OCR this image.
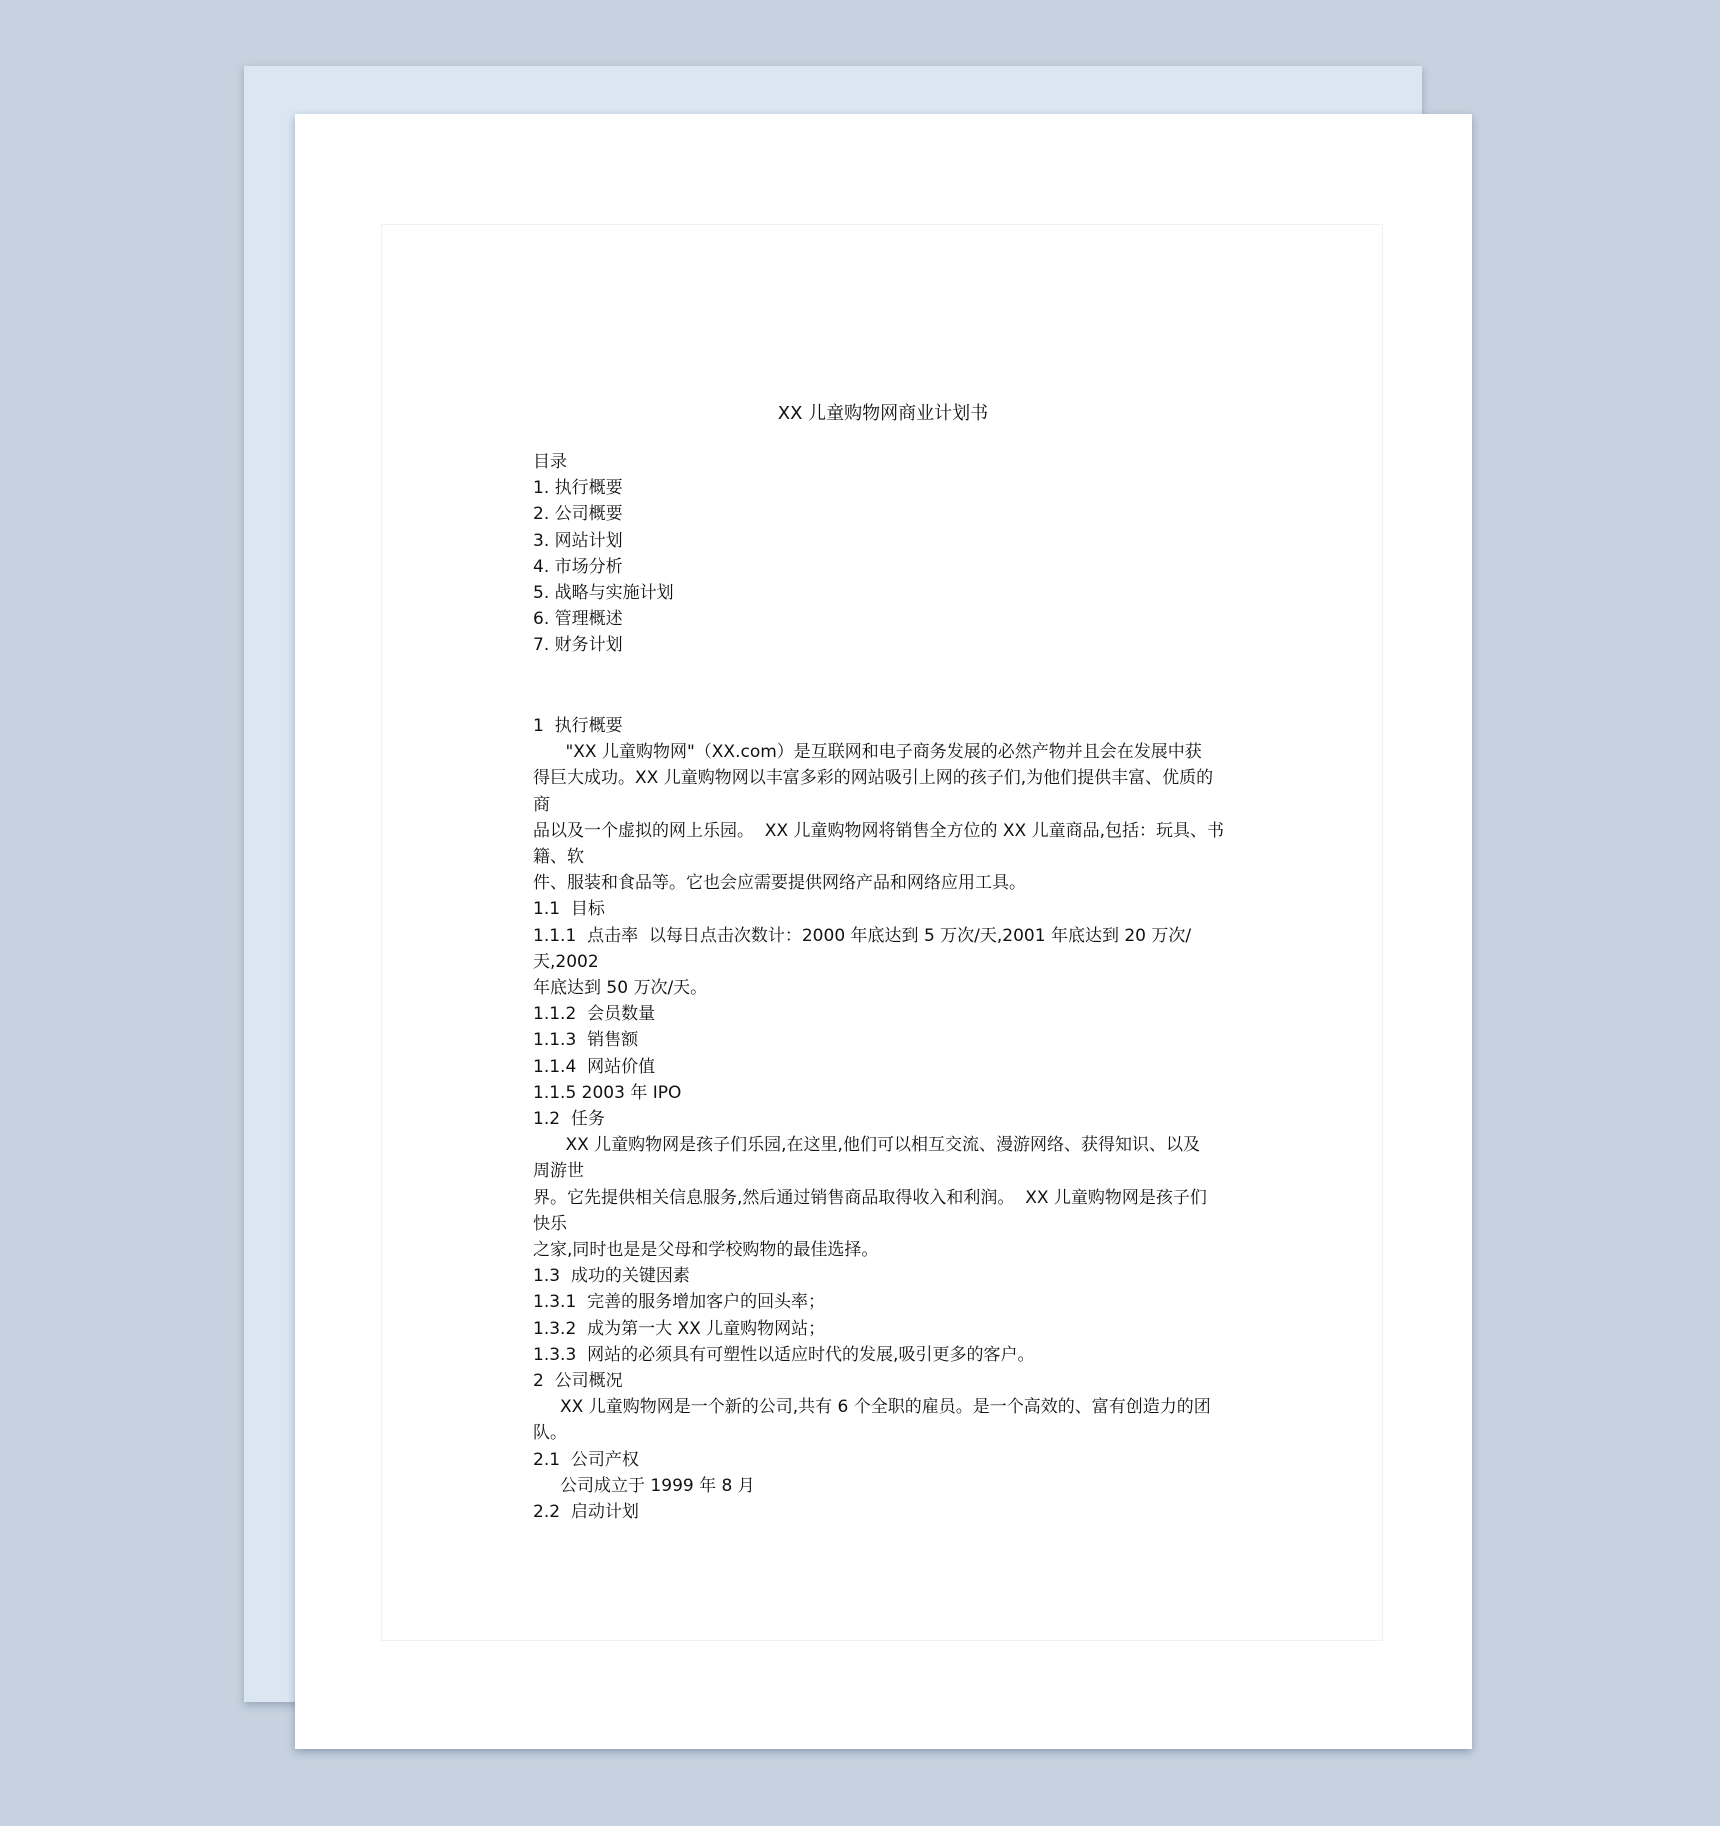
XX 儿童购物网商业计划书
目录
1. 执行概要
2. 公司概要
3. 网站计划
4. 市场分析
5. 战略与实施计划
6. 管理概述
7. 财务计划
1  执行概要
"XX 儿童购物网"（XX.com）是互联网和电子商务发展的必然产物并且会在发展中获
得巨大成功。XX 儿童购物网以丰富多彩的网站吸引上网的孩子们,为他们提供丰富、优质的
商
品以及一个虚拟的网上乐园。  XX 儿童购物网将销售全方位的 XX 儿童商品,包括：玩具、书
籍、软
件、服装和食品等。它也会应需要提供网络产品和网络应用工具。
1.1  目标
1.1.1  点击率  以每日点击次数计：2000 年底达到 5 万次/天,2001 年底达到 20 万次/天,2002
年底达到 50 万次/天。
1.1.2  会员数量
1.1.3  销售额
1.1.4  网站价值
1.1.5 2003 年 IPO
1.2  任务
XX 儿童购物网是孩子们乐园,在这里,他们可以相互交流、漫游网络、获得知识、以及
周游世
界。它先提供相关信息服务,然后通过销售商品取得收入和利润。  XX 儿童购物网是孩子们
快乐
之家,同时也是是父母和学校购物的最佳选择。
1.3  成功的关键因素
1.3.1  完善的服务增加客户的回头率；
1.3.2  成为第一大 XX 儿童购物网站；
1.3.3  网站的必须具有可塑性以适应时代的发展,吸引更多的客户。
2  公司概况
XX 儿童购物网是一个新的公司,共有 6 个全职的雇员。是一个高效的、富有创造力的团
队。
2.1  公司产权
公司成立于 1999 年 8 月
2.2  启动计划
